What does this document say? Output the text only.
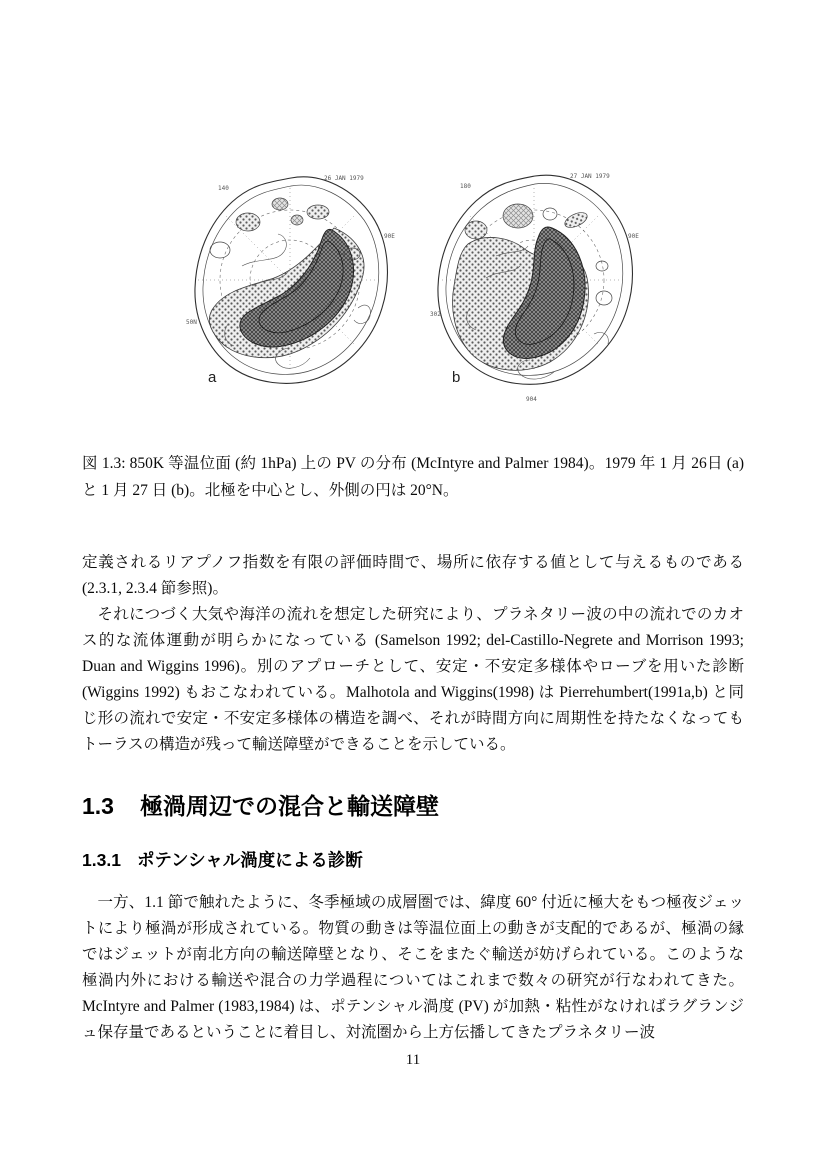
26 JAN 1979
140
90E
50N
a
27 JAN 1979
180
90E
302
904
b

図 1.3: 850K 等温位面 (約 1hPa) 上の PV の分布 (McIntyre and Palmer 1984)。1979 年 1 月 26日 (a) と 1 月 27 日 (b)。北極を中心とし、外側の円は 20°N。

定義されるリアプノフ指数を有限の評価時間で、場所に依存する値として与えるものである (2.3.1, 2.3.4 節参照)。

それにつづく大気や海洋の流れを想定した研究により、プラネタリー波の中の流れでのカオス的な流体運動が明らかになっている (Samelson 1992; del-Castillo-Negrete and Morrison 1993; Duan and Wiggins 1996)。別のアプローチとして、安定・不安定多様体やローブを用いた診断 (Wiggins 1992) もおこなわれている。Malhotola and Wiggins(1998) は Pierrehumbert(1991a,b) と同じ形の流れで安定・不安定多様体の構造を調べ、それが時間方向に周期性を持たなくなってもトーラスの構造が残って輸送障壁ができることを示している。

1.3 極渦周辺での混合と輸送障壁
1.3.1 ポテンシャル渦度による診断

一方、1.1 節で触れたように、冬季極域の成層圏では、緯度 60° 付近に極大をもつ極夜ジェットにより極渦が形成されている。物質の動きは等温位面上の動きが支配的であるが、極渦の縁ではジェットが南北方向の輸送障壁となり、そこをまたぐ輸送が妨げられている。このような極渦内外における輸送や混合の力学過程についてはこれまで数々の研究が行なわれてきた。McIntyre and Palmer (1983,1984) は、ポテンシャル渦度 (PV) が加熱・粘性がなければラグランジュ保存量であるということに着目し、対流圏から上方伝播してきたプラネタリー波

11
